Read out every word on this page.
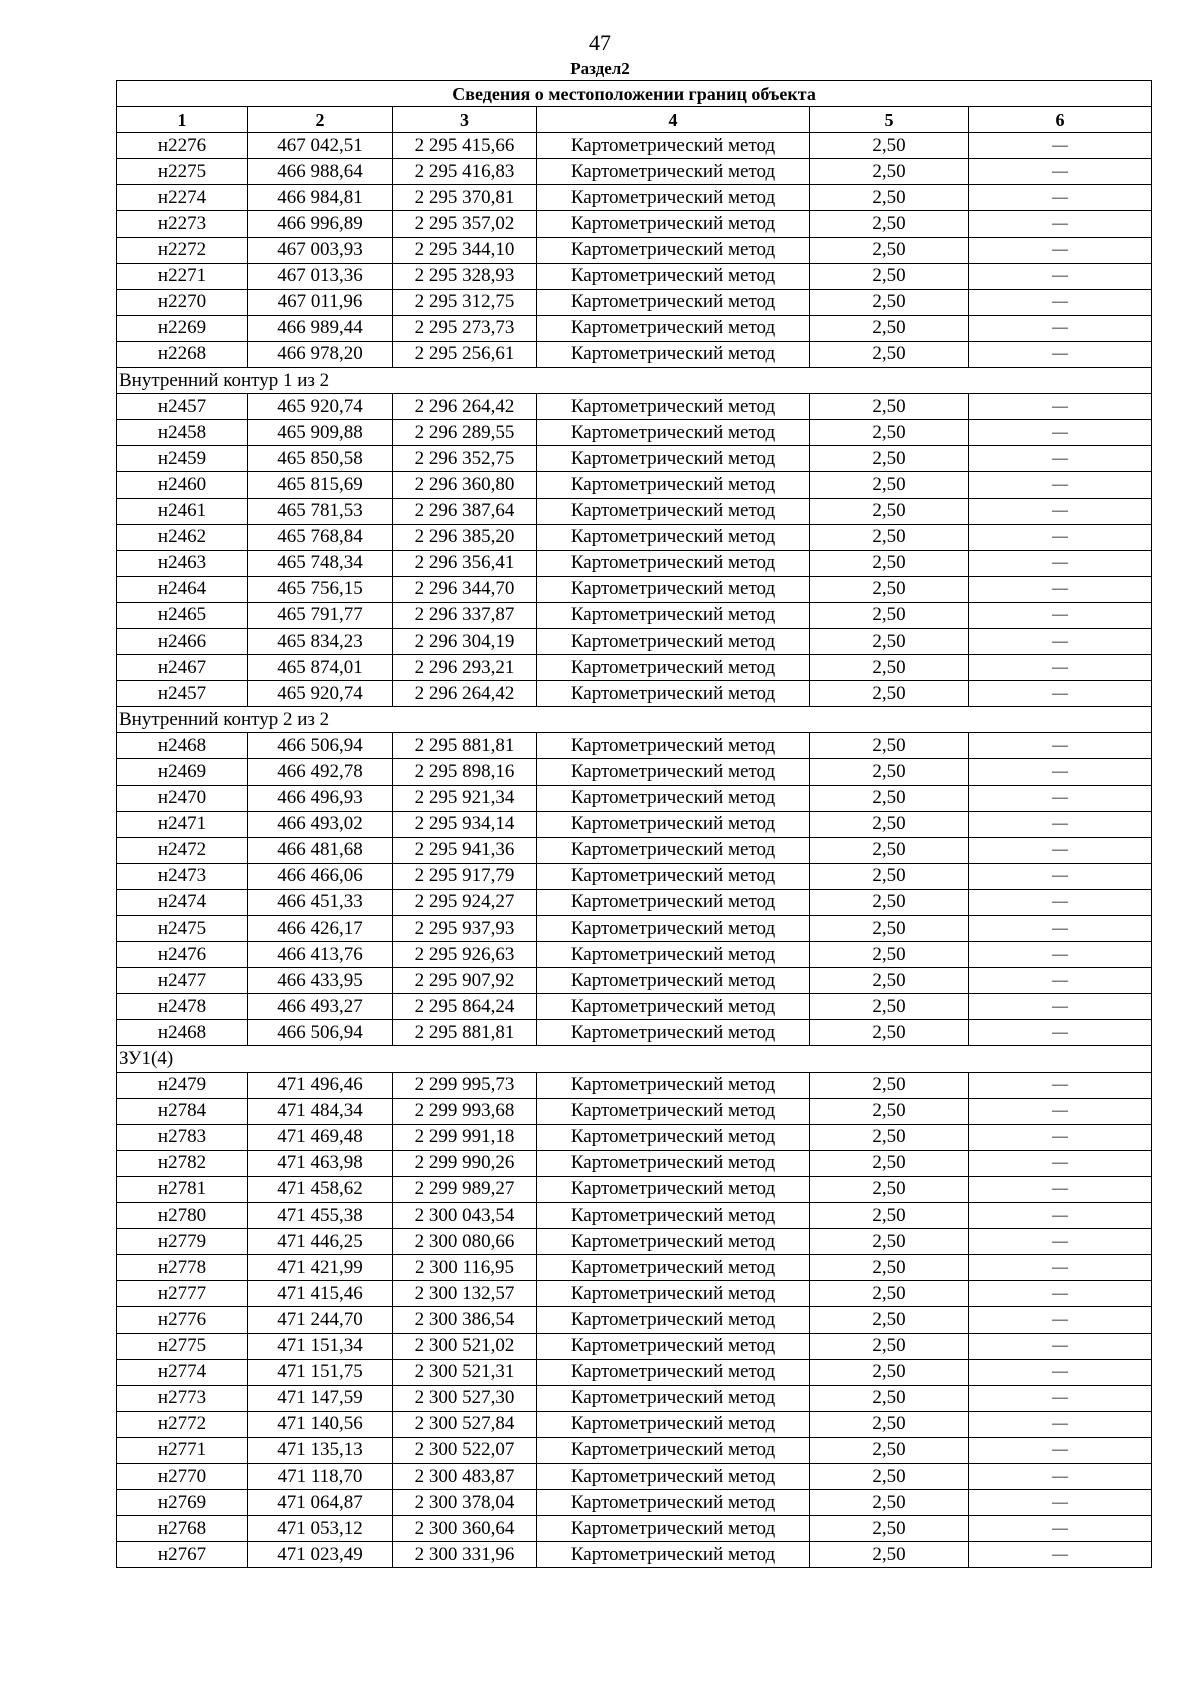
47
Раздел2
Сведения о местоположении границ объекта					
1	2	3	4	5	6
н2276	467 042,51	2 295 415,66	Картометрический метод	2,50	—
н2275	466 988,64	2 295 416,83	Картометрический метод	2,50	—
н2274	466 984,81	2 295 370,81	Картометрический метод	2,50	—
н2273	466 996,89	2 295 357,02	Картометрический метод	2,50	—
н2272	467 003,93	2 295 344,10	Картометрический метод	2,50	—
н2271	467 013,36	2 295 328,93	Картометрический метод	2,50	—
н2270	467 011,96	2 295 312,75	Картометрический метод	2,50	—
н2269	466 989,44	2 295 273,73	Картометрический метод	2,50	—
н2268	466 978,20	2 295 256,61	Картометрический метод	2,50	—
Внутренний контур 1 из 2					
н2457	465 920,74	2 296 264,42	Картометрический метод	2,50	—
н2458	465 909,88	2 296 289,55	Картометрический метод	2,50	—
н2459	465 850,58	2 296 352,75	Картометрический метод	2,50	—
н2460	465 815,69	2 296 360,80	Картометрический метод	2,50	—
н2461	465 781,53	2 296 387,64	Картометрический метод	2,50	—
н2462	465 768,84	2 296 385,20	Картометрический метод	2,50	—
н2463	465 748,34	2 296 356,41	Картометрический метод	2,50	—
н2464	465 756,15	2 296 344,70	Картометрический метод	2,50	—
н2465	465 791,77	2 296 337,87	Картометрический метод	2,50	—
н2466	465 834,23	2 296 304,19	Картометрический метод	2,50	—
н2467	465 874,01	2 296 293,21	Картометрический метод	2,50	—
н2457	465 920,74	2 296 264,42	Картометрический метод	2,50	—
Внутренний контур 2 из 2					
н2468	466 506,94	2 295 881,81	Картометрический метод	2,50	—
н2469	466 492,78	2 295 898,16	Картометрический метод	2,50	—
н2470	466 496,93	2 295 921,34	Картометрический метод	2,50	—
н2471	466 493,02	2 295 934,14	Картометрический метод	2,50	—
н2472	466 481,68	2 295 941,36	Картометрический метод	2,50	—
н2473	466 466,06	2 295 917,79	Картометрический метод	2,50	—
н2474	466 451,33	2 295 924,27	Картометрический метод	2,50	—
н2475	466 426,17	2 295 937,93	Картометрический метод	2,50	—
н2476	466 413,76	2 295 926,63	Картометрический метод	2,50	—
н2477	466 433,95	2 295 907,92	Картометрический метод	2,50	—
н2478	466 493,27	2 295 864,24	Картометрический метод	2,50	—
н2468	466 506,94	2 295 881,81	Картометрический метод	2,50	—
ЗУ1(4)					
н2479	471 496,46	2 299 995,73	Картометрический метод	2,50	—
н2784	471 484,34	2 299 993,68	Картометрический метод	2,50	—
н2783	471 469,48	2 299 991,18	Картометрический метод	2,50	—
н2782	471 463,98	2 299 990,26	Картометрический метод	2,50	—
н2781	471 458,62	2 299 989,27	Картометрический метод	2,50	—
н2780	471 455,38	2 300 043,54	Картометрический метод	2,50	—
н2779	471 446,25	2 300 080,66	Картометрический метод	2,50	—
н2778	471 421,99	2 300 116,95	Картометрический метод	2,50	—
н2777	471 415,46	2 300 132,57	Картометрический метод	2,50	—
н2776	471 244,70	2 300 386,54	Картометрический метод	2,50	—
н2775	471 151,34	2 300 521,02	Картометрический метод	2,50	—
н2774	471 151,75	2 300 521,31	Картометрический метод	2,50	—
н2773	471 147,59	2 300 527,30	Картометрический метод	2,50	—
н2772	471 140,56	2 300 527,84	Картометрический метод	2,50	—
н2771	471 135,13	2 300 522,07	Картометрический метод	2,50	—
н2770	471 118,70	2 300 483,87	Картометрический метод	2,50	—
н2769	471 064,87	2 300 378,04	Картометрический метод	2,50	—
н2768	471 053,12	2 300 360,64	Картометрический метод	2,50	—
н2767	471 023,49	2 300 331,96	Картометрический метод	2,50	—
